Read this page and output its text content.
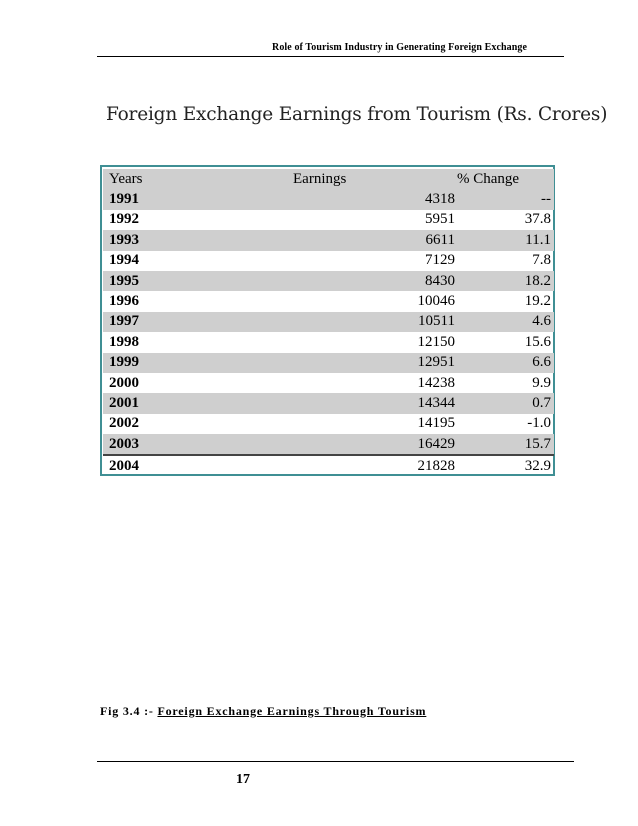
Role of Tourism Industry in Generating Foreign Exchange
Foreign Exchange Earnings from Tourism (Rs. Crores)
Years	Earnings	% Change
1991	4318	--
1992	5951	37.8
1993	6611	11.1
1994	7129	7.8
1995	8430	18.2
1996	10046	19.2
1997	10511	4.6
1998	12150	15.6
1999	12951	6.6
2000	14238	9.9
2001	14344	0.7
2002	14195	-1.0
2003	16429	15.7
2004	21828	32.9
Fig 3.4 :- Foreign Exchange Earnings Through Tourism
17
